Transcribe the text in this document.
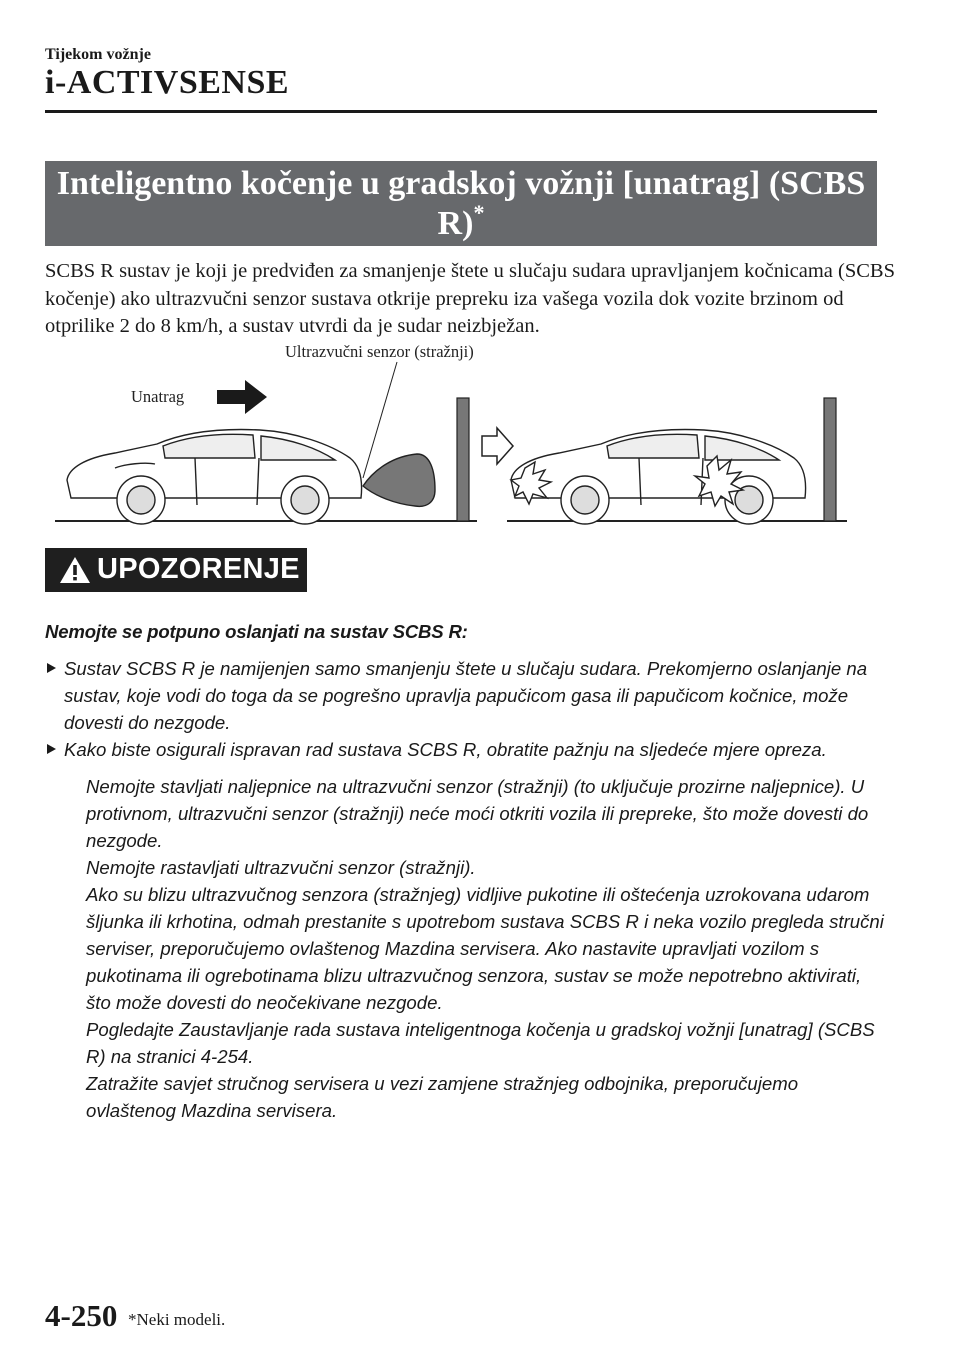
Tijekom vožnje
i-ACTIVSENSE
Inteligentno kočenje u gradskoj vožnji [unatrag] (SCBS
R)*

SCBS R sustav je koji je predviđen za smanjenje štete u slučaju sudara upravljanjem kočnicama (SCBS kočenje) ako ultrazvučni senzor sustava otkrije prepreku iza vašega vozila dok vozite brzinom od otprilike 2 do 8 km/h, a sustav utvrdi da je sudar neizbježan.

Ultrazvučni senzor (stražnji)
Unatrag
UPOZORENJE

Nemojte se potpuno oslanjati na sustav SCBS R:

Sustav SCBS R je namijenjen samo smanjenju štete u slučaju sudara. Prekomjerno oslanjanje na sustav, koje vodi do toga da se pogrešno upravlja papučicom gasa ili papučicom kočnice, može dovesti do nezgode.
Kako biste osigurali ispravan rad sustava SCBS R, obratite pažnju na sljedeće mjere opreza.
Nemojte stavljati naljepnice na ultrazvučni senzor (stražnji) (to uključuje prozirne naljepnice). U protivnom, ultrazvučni senzor (stražnji) neće moći otkriti vozila ili prepreke, što može dovesti do nezgode.
Nemojte rastavljati ultrazvučni senzor (stražnji).
Ako su blizu ultrazvučnog senzora (stražnjeg) vidljive pukotine ili oštećenja uzrokovana udarom šljunka ili krhotina, odmah prestanite s upotrebom sustava SCBS R i neka vozilo pregleda stručni serviser, preporučujemo ovlaštenog Mazdina servisera. Ako nastavite upravljati vozilom s pukotinama ili ogrebotinama blizu ultrazvučnog senzora, sustav se može nepotrebno aktivirati, što može dovesti do neočekivane nezgode.
Pogledajte Zaustavljanje rada sustava inteligentnoga kočenja u gradskoj vožnji [unatrag] (SCBS R) na stranici 4-254.
Zatražite savjet stručnog servisera u vezi zamjene stražnjeg odbojnika, preporučujemo ovlaštenog Mazdina servisera.
4-250 *Neki modeli.
